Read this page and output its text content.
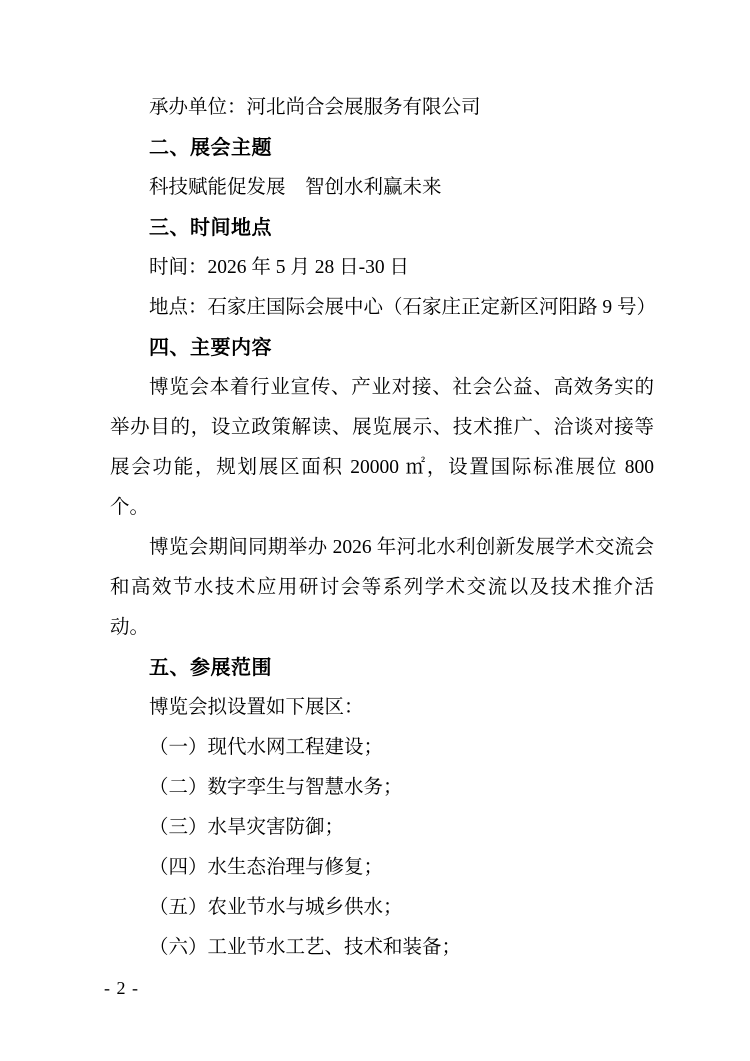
承办单位：河北尚合会展服务有限公司

二、展会主题

科技赋能促发展　智创水利赢未来

三、时间地点

时间：2026 年 5 月 28 日-30 日

地点：石家庄国际会展中心（石家庄正定新区河阳路 9 号）

四、主要内容

博览会本着行业宣传、产业对接、社会公益、高效务实的举办目的，设立政策解读、展览展示、技术推广、洽谈对接等展会功能，规划展区面积 20000 ㎡，设置国际标准展位 800 个。

博览会期间同期举办 2026 年河北水利创新发展学术交流会和高效节水技术应用研讨会等系列学术交流以及技术推介活动。

五、参展范围

博览会拟设置如下展区：

（一）现代水网工程建设；

（二）数字孪生与智慧水务；

（三）水旱灾害防御；

（四）水生态治理与修复；

（五）农业节水与城乡供水；

（六）工业节水工艺、技术和装备；

- 2 -
